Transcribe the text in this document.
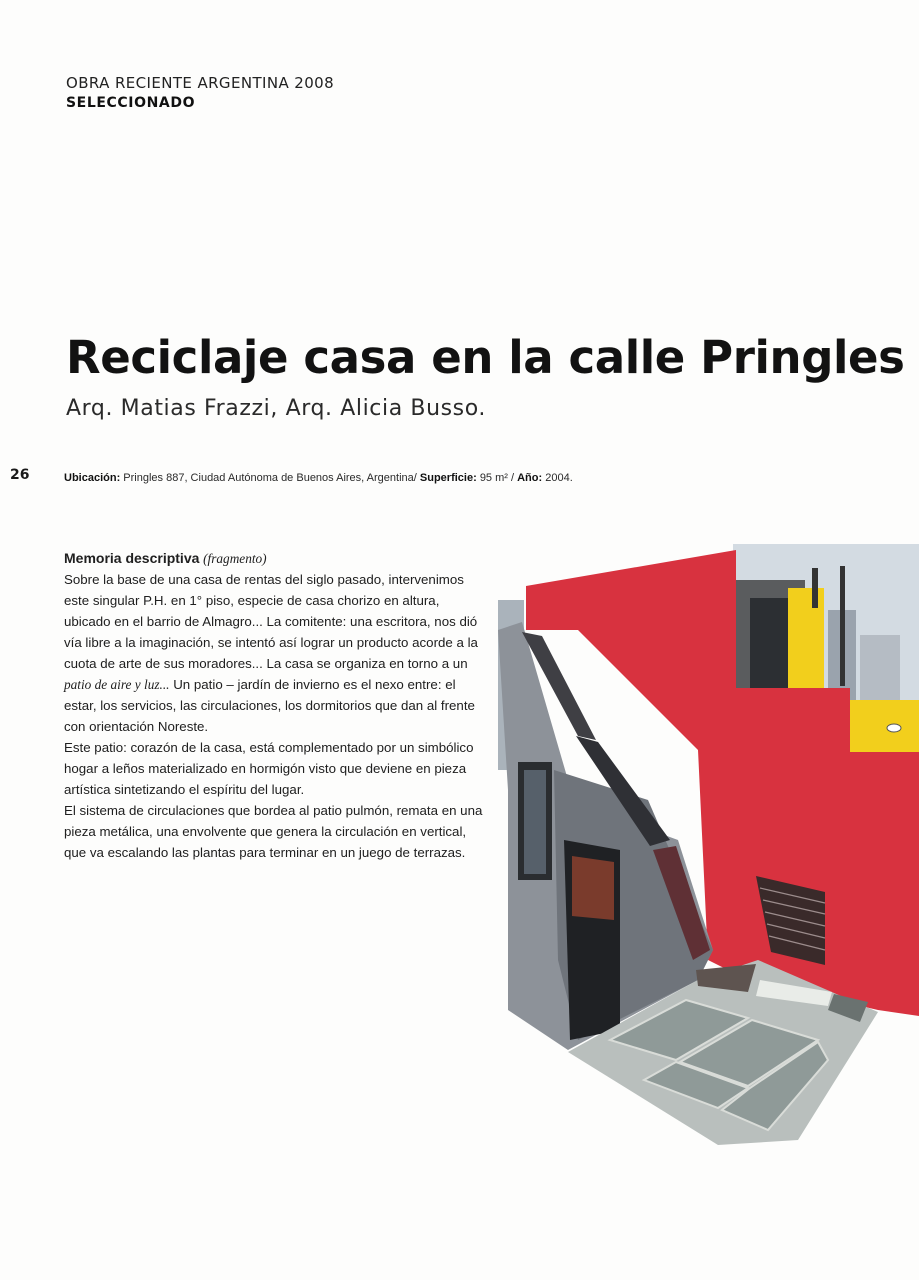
OBRA RECIENTE ARGENTINA 2008
SELECCIONADO
Reciclaje casa en la calle Pringles
Arq. Matias Frazzi, Arq. Alicia Busso.
26	Ubicación: Pringles 887, Ciudad Autónoma de Buenos Aires, Argentina/ Superficie: 95 m² / Año: 2004.

Memoria descriptiva (fragmento)

Sobre la base de una casa de rentas del siglo pasado, intervenimos este singular P.H. en 1° piso, especie de casa chorizo en altura, ubicado en el barrio de Almagro... La comitente: una escritora, nos dió vía libre a la imaginación, se intentó así lograr un producto acorde a la cuota de arte de sus moradores... La casa se organiza en torno a un patio de aire y luz... Un patio – jardín de invierno es el nexo entre: el estar, los servicios, las circulaciones, los dormitorios que dan al frente con orientación Noreste.

Este patio: corazón de la casa, está complementado por un simbólico hogar a leños materializado en hormigón visto que deviene en pieza artística sintetizando el espíritu del lugar.

El sistema de circulaciones que bordea al patio pulmón, remata en una pieza metálica, una envolvente que genera la circulación en vertical, que va escalando las plantas para terminar en un juego de terrazas.
